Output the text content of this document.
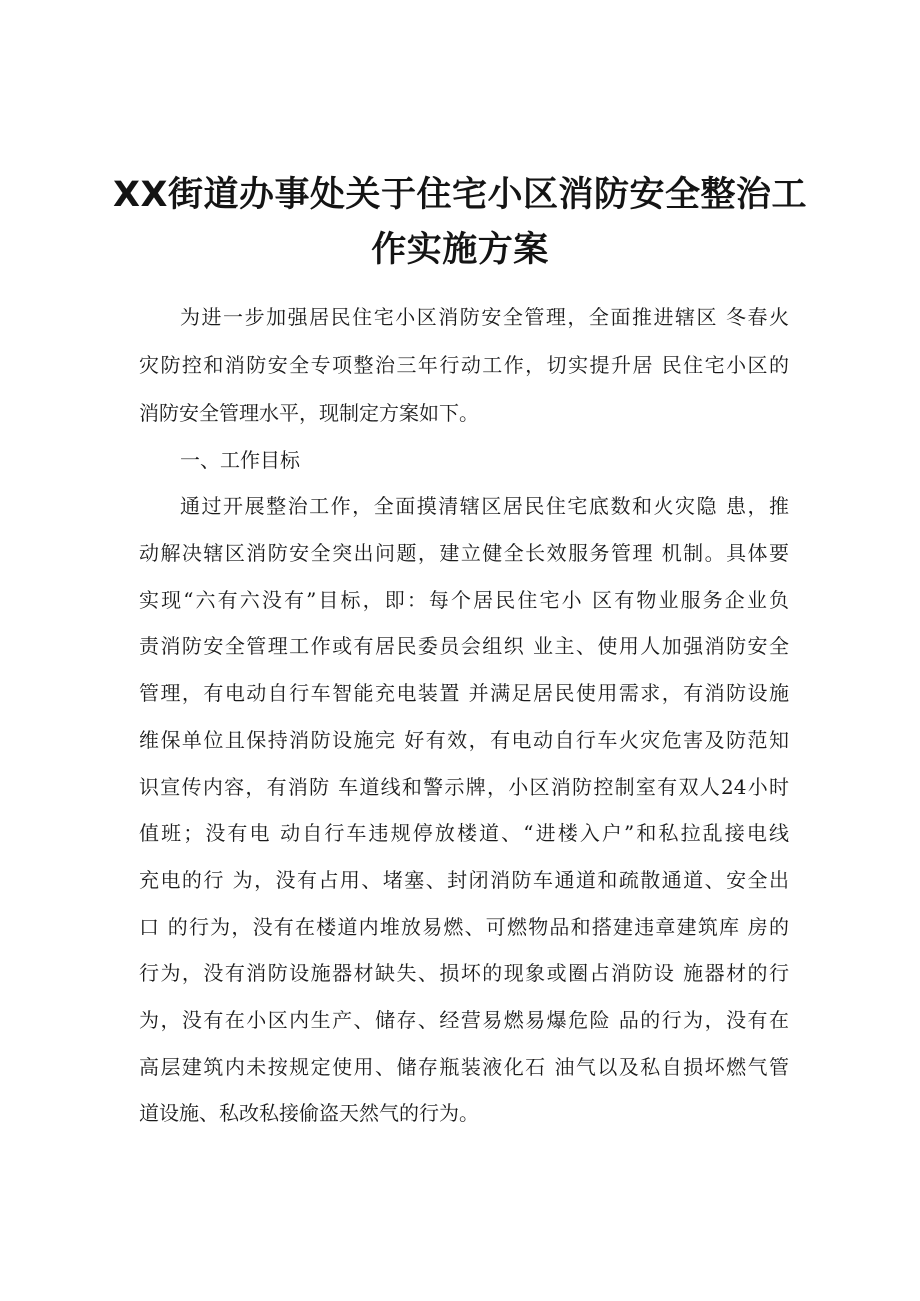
XX街道办事处关于住宅小区消防安全整治工
作实施方案
为进一步加强居民住宅小区消防安全管理，全面推进辖区 冬春火
灾防控和消防安全专项整治三年行动工作，切实提升居 民住宅小区的
消防安全管理水平，现制定方案如下。
一、工作目标
通过开展整治工作，全面摸清辖区居民住宅底数和火灾隐 患，推
动解决辖区消防安全突出问题，建立健全长效服务管理 机制。具体要
实现“六有六没有”目标，即：每个居民住宅小 区有物业服务企业负
责消防安全管理工作或有居民委员会组织 业主、使用人加强消防安全
管理，有电动自行车智能充电装置 并满足居民使用需求，有消防设施
维保单位且保持消防设施完 好有效，有电动自行车火灾危害及防范知
识宣传内容，有消防 车道线和警示牌，小区消防控制室有双人24小时
值班；没有电 动自行车违规停放楼道、“进楼入户”和私拉乱接电线
充电的行 为，没有占用、堵塞、封闭消防车通道和疏散通道、安全出
口 的行为，没有在楼道内堆放易燃、可燃物品和搭建违章建筑库 房的
行为，没有消防设施器材缺失、损坏的现象或圈占消防设 施器材的行
为，没有在小区内生产、储存、经营易燃易爆危险 品的行为，没有在
高层建筑内未按规定使用、储存瓶装液化石 油气以及私自损坏燃气管
道设施、私改私接偷盗天然气的行为。
